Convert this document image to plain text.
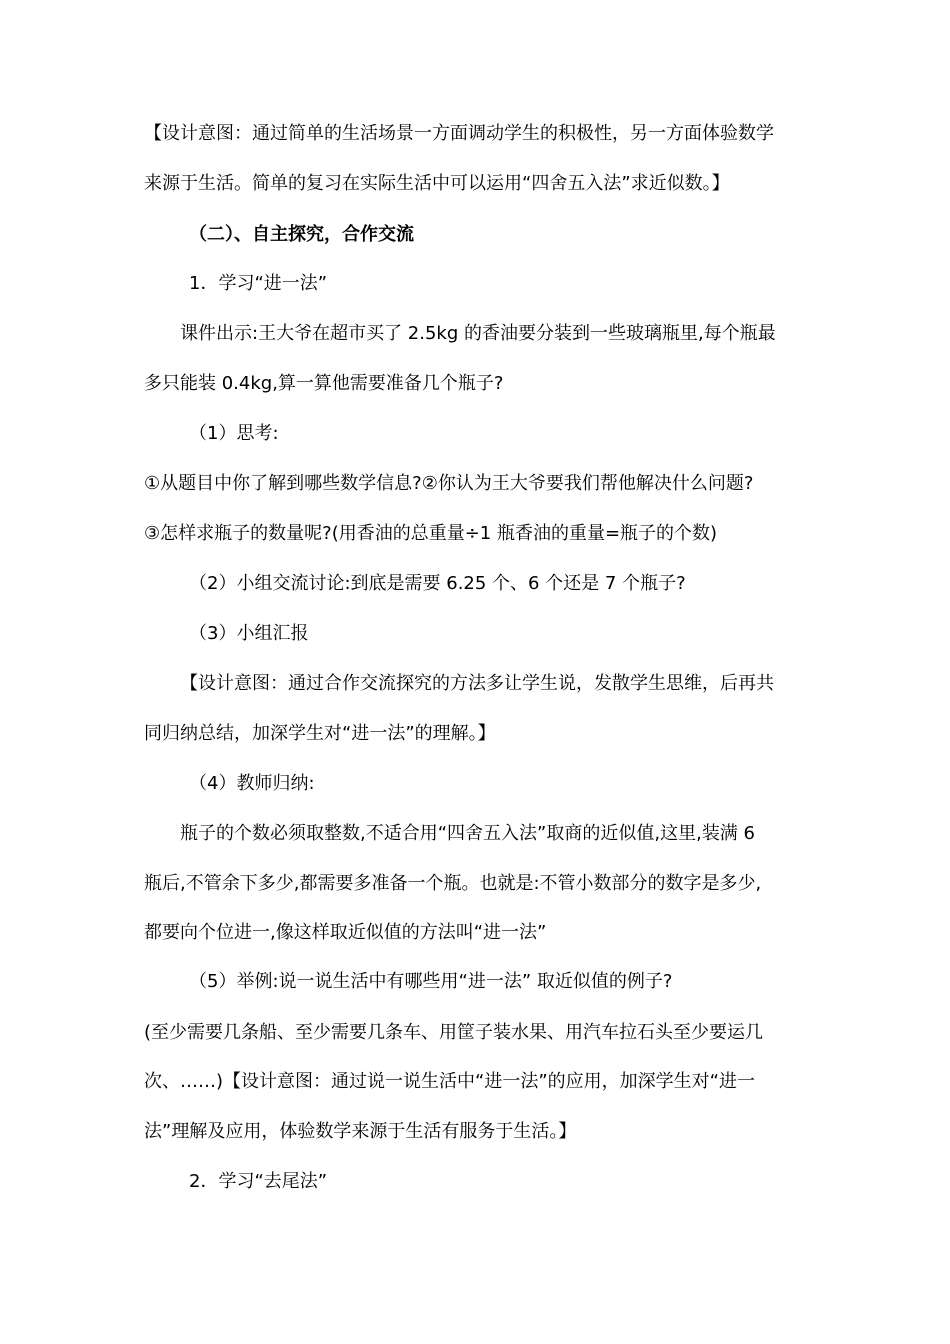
【设计意图：通过简单的生活场景一方面调动学生的积极性，另一方面体验数学
来源于生活。简单的复习在实际生活中可以运用“四舍五入法”求近似数。】
（二）、自主探究，合作交流
1．学习“进一法”
课件出示:王大爷在超市买了 2.5kg 的香油要分装到一些玻璃瓶里,每个瓶最
多只能装 0.4kg,算一算他需要准备几个瓶子?
（1）思考:
①从题目中你了解到哪些数学信息?②你认为王大爷要我们帮他解决什么问题?
③怎样求瓶子的数量呢?(用香油的总重量÷1 瓶香油的重量=瓶子的个数)
（2）小组交流讨论:到底是需要 6.25 个、6 个还是 7 个瓶子?
（3）小组汇报
【设计意图：通过合作交流探究的方法多让学生说，发散学生思维，后再共
同归纳总结，加深学生对“进一法”的理解。】
（4）教师归纳:
瓶子的个数必须取整数,不适合用“四舍五入法”取商的近似值,这里,装满 6
瓶后,不管余下多少,都需要多准备一个瓶。也就是:不管小数部分的数字是多少,
都要向个位进一,像这样取近似值的方法叫“进一法”
（5）举例:说一说生活中有哪些用“进一法” 取近似值的例子?
(至少需要几条船、至少需要几条车、用筐子装水果、用汽车拉石头至少要运几
次、……)【设计意图：通过说一说生活中“进一法”的应用，加深学生对“进一
法”理解及应用，体验数学来源于生活有服务于生活。】
2．学习“去尾法”
